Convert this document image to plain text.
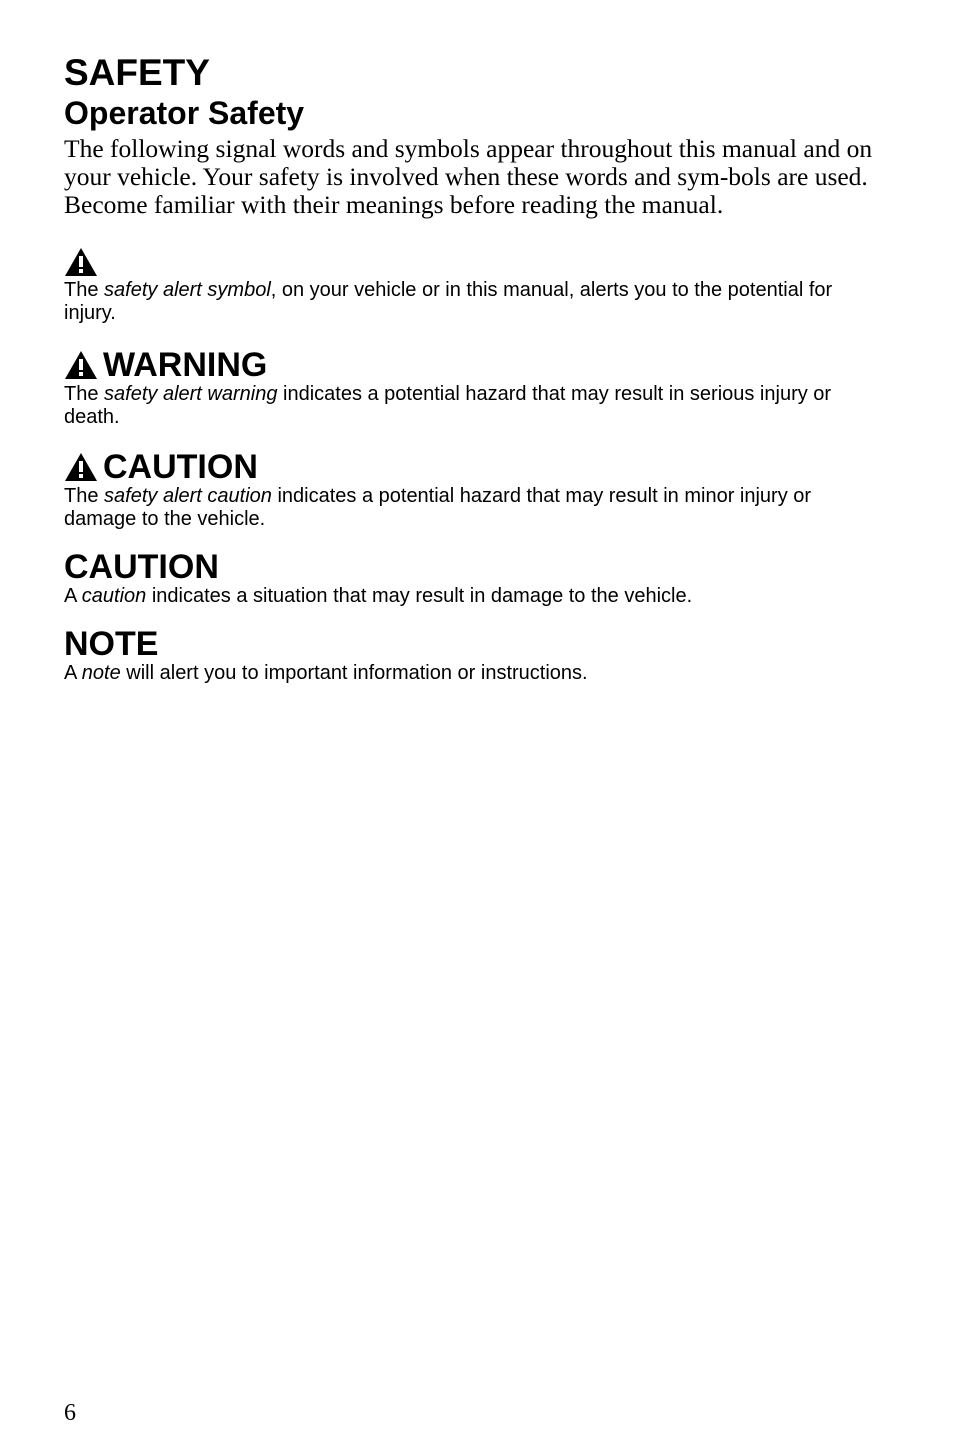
SAFETY
Operator Safety

The following signal words and symbols appear throughout this manual and on your vehicle. Your safety is involved when these words and sym-bols are used. Become familiar with their meanings before reading the manual.

The safety alert symbol, on your vehicle or in this manual, alerts you to the potential for injury.

WARNING

The safety alert warning indicates a potential hazard that may result in serious injury or death.

CAUTION

The safety alert caution indicates a potential hazard that may result in minor injury or damage to the vehicle.

CAUTION

A caution indicates a situation that may result in damage to the vehicle.

NOTE

A note will alert you to important information or instructions.

6
